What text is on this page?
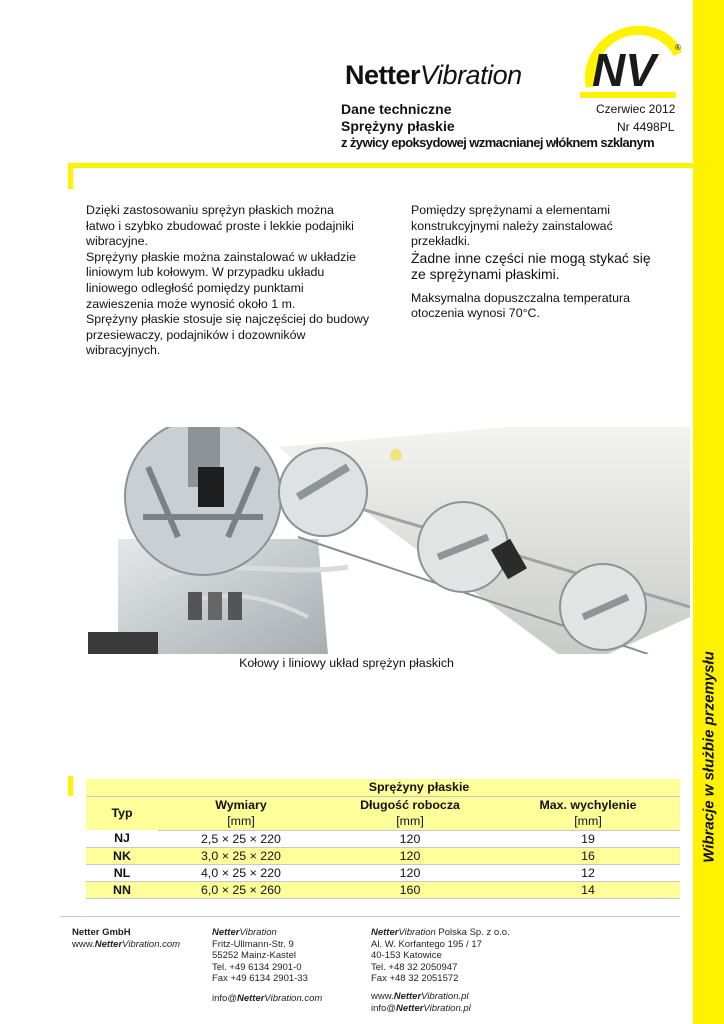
Wibracje w służbie przemysłu
NetterVibration NV	®
Dane techniczne
Sprężyny płaskie
z żywicy epoksydowej wzmacnianej włóknem szklanym
Czerwiec 2012
Nr 4498PL
Dzięki zastosowaniu sprężyn płaskich można
łatwo i szybko zbudować proste i lekkie podajniki
wibracyjne.
Sprężyny płaskie można zainstalować w układzie
liniowym lub kołowym. W przypadku układu
liniowego odległość pomiędzy punktami
zawieszenia może wynosić około 1 m.
Sprężyny płaskie stosuje się najczęściej do budowy
przesiewaczy, podajników i dozowników
wibracyjnych.
Pomiędzy sprężynami a elementami
konstrukcyjnymi należy zainstalować
przekładki.
Żadne inne części nie mogą stykać się
ze sprężynami płaskimi.
Maksymalna dopuszczalna temperatura
otoczenia wynosi 70°C.
Kołowy i liniowy układ sprężyn płaskich
	Sprężyny płaskie		
Typ	Wymiary	Długość robocza	Max. wychylenie
	[mm]	[mm]	[mm]
NJ	2,5 × 25 × 220	120	19
NK	3,0 × 25 × 220	120	16
NL	4,0 × 25 × 220	120	12
NN	6,0 × 25 × 260	160	14
Netter GmbH
www.NetterVibration.com
NetterVibration
Fritz-Ullmann-Str. 9
55252 Mainz-Kastel
Tel. +49 6134 2901-0
Fax +49 6134 2901-33
info@NetterVibration.com
NetterVibration Polska Sp. z o.o.
Al. W. Korfantego 195 / 17
40-153 Katowice
Tel. +48 32 2050947
Fax +48 32 2051572
www.NetterVibration.pl
info@NetterVibration.pl
